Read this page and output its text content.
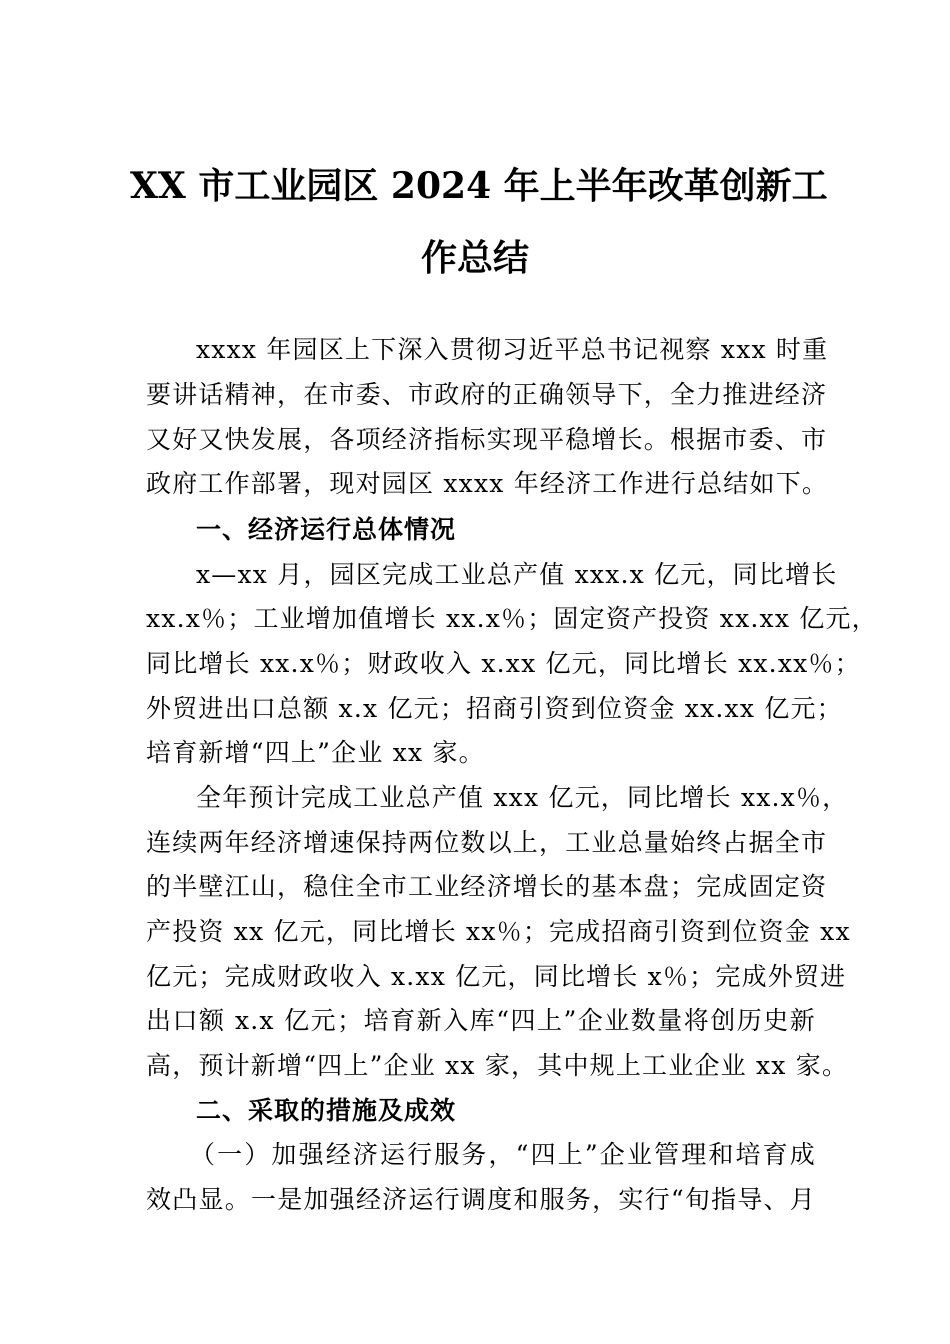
XX 市工业园区 2024 年上半年改革创新工
作总结
xxxx 年园区上下深入贯彻习近平总书记视察 xxx 时重
要讲话精神，在市委、市政府的正确领导下，全力推进经济
又好又快发展，各项经济指标实现平稳增长。根据市委、市
政府工作部署，现对园区 xxxx 年经济工作进行总结如下。
一、经济运行总体情况
x—xx 月，园区完成工业总产值 xxx.x 亿元，同比增长
xx.x％；工业增加值增长 xx.x％；固定资产投资 xx.xx 亿元，
同比增长 xx.x％；财政收入 x.xx 亿元，同比增长 xx.xx％；
外贸进出口总额 x.x 亿元；招商引资到位资金 xx.xx 亿元；
培育新增“四上”企业 xx 家。
全年预计完成工业总产值 xxx 亿元，同比增长 xx.x％，
连续两年经济增速保持两位数以上，工业总量始终占据全市
的半壁江山，稳住全市工业经济增长的基本盘；完成固定资
产投资 xx 亿元，同比增长 xx％；完成招商引资到位资金 xx
亿元；完成财政收入 x.xx 亿元，同比增长 x％；完成外贸进
出口额 x.x 亿元；培育新入库“四上”企业数量将创历史新
高，预计新增“四上”企业 xx 家，其中规上工业企业 xx 家。
二、采取的措施及成效
（一）加强经济运行服务，“四上”企业管理和培育成
效凸显。一是加强经济运行调度和服务，实行“旬指导、月
